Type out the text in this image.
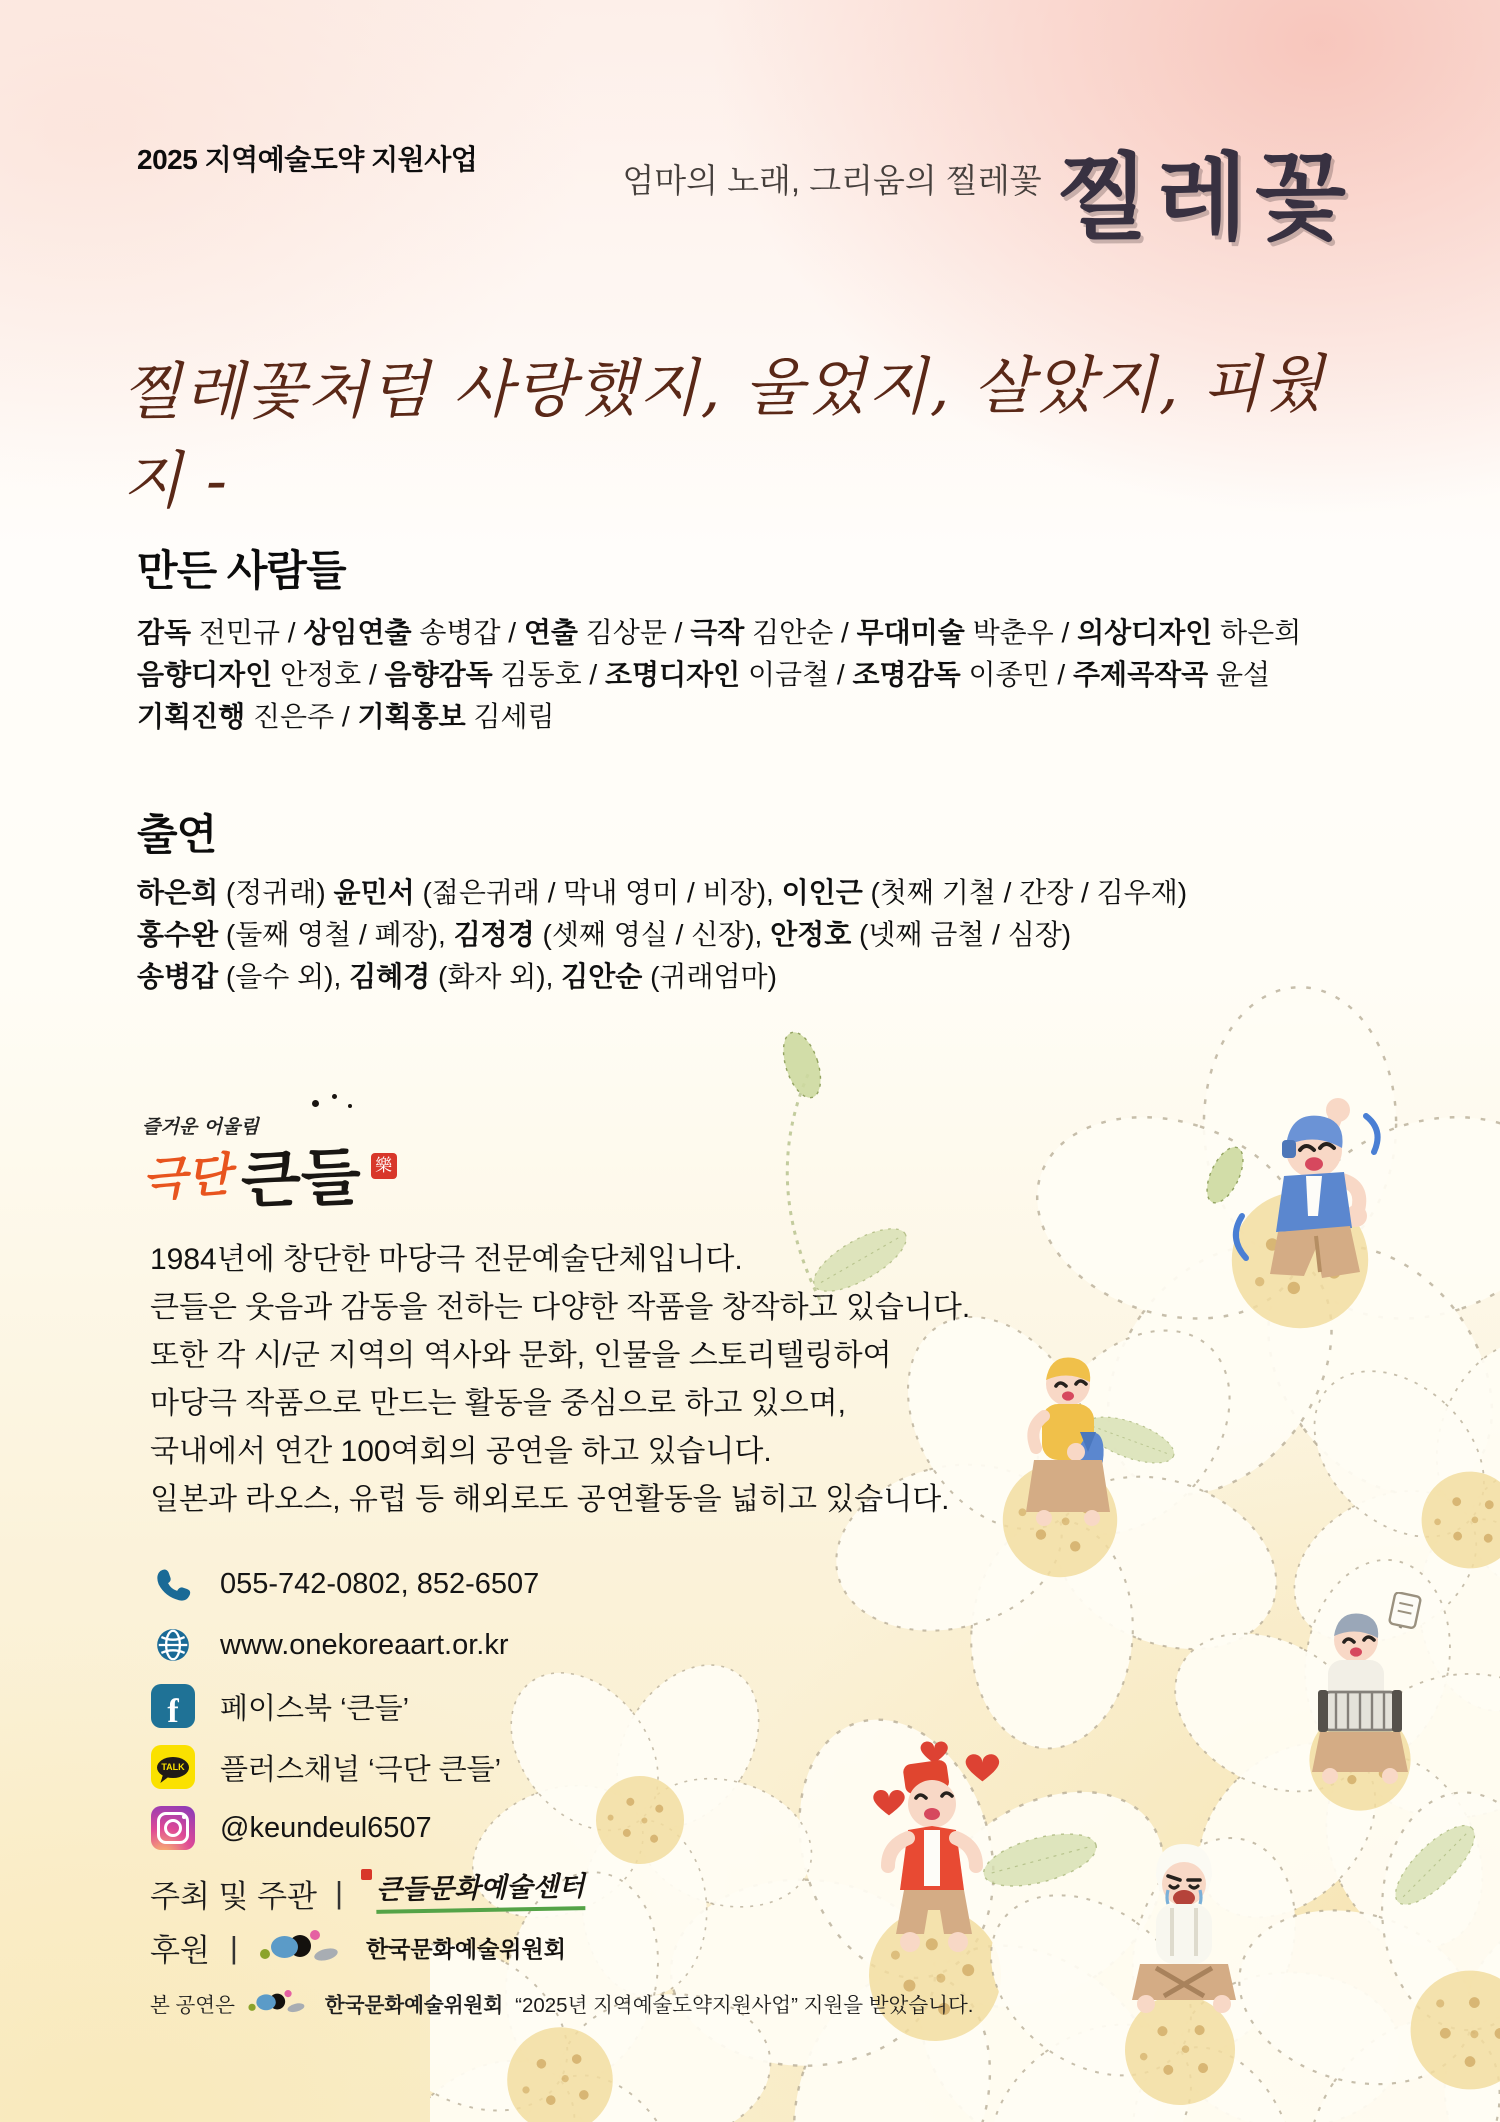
2025 지역예술도약 지원사업
엄마의 노래, 그리움의 찔레꽃 찔레꽃
찔레꽃처럼 사랑했지, 울었지, 살았지, 피웠지 -
만든 사람들
감독 전민규 / 상임연출 송병갑 / 연출 김상문 / 극작 김안순 / 무대미술 박춘우 / 의상디자인 하은희
음향디자인 안정호 / 음향감독 김동호 / 조명디자인 이금철 / 조명감독 이종민 / 주제곡작곡 윤설
기획진행 진은주 / 기획홍보 김세림
출연
하은희 (정귀래) 윤민서 (젊은귀래 / 막내 영미 / 비장), 이인근 (첫째 기철 / 간장 / 김우재)
홍수완 (둘째 영철 / 폐장), 김정경 (셋째 영실 / 신장), 안정호 (넷째 금철 / 심장)
송병갑 (을수 외), 김혜경 (화자 외), 김안순 (귀래엄마)
즐거운 어울림
극단 큰들 樂
1984년에 창단한 마당극 전문예술단체입니다.
큰들은 웃음과 감동을 전하는 다양한 작품을 창작하고 있습니다.
또한 각 시/군 지역의 역사와 문화, 인물을 스토리텔링하여
마당극 작품으로 만드는 활동을 중심으로 하고 있으며,
국내에서 연간 100여회의 공연을 하고 있습니다.
일본과 라오스, 유럽 등 해외로도 공연활동을 넓히고 있습니다.
055-742-0802, 852-6507
www.onekoreaart.or.kr
f	페이스북 ‘큰들’
TALK 플러스채널 ‘극단 큰들’
@keundeul6507
주최 및 주관 | 큰들문화예술센터
후원 |	한국문화예술위원회
본 공연은	한국문화예술위원회 “2025년 지역예술도약지원사업” 지원을 받았습니다.
